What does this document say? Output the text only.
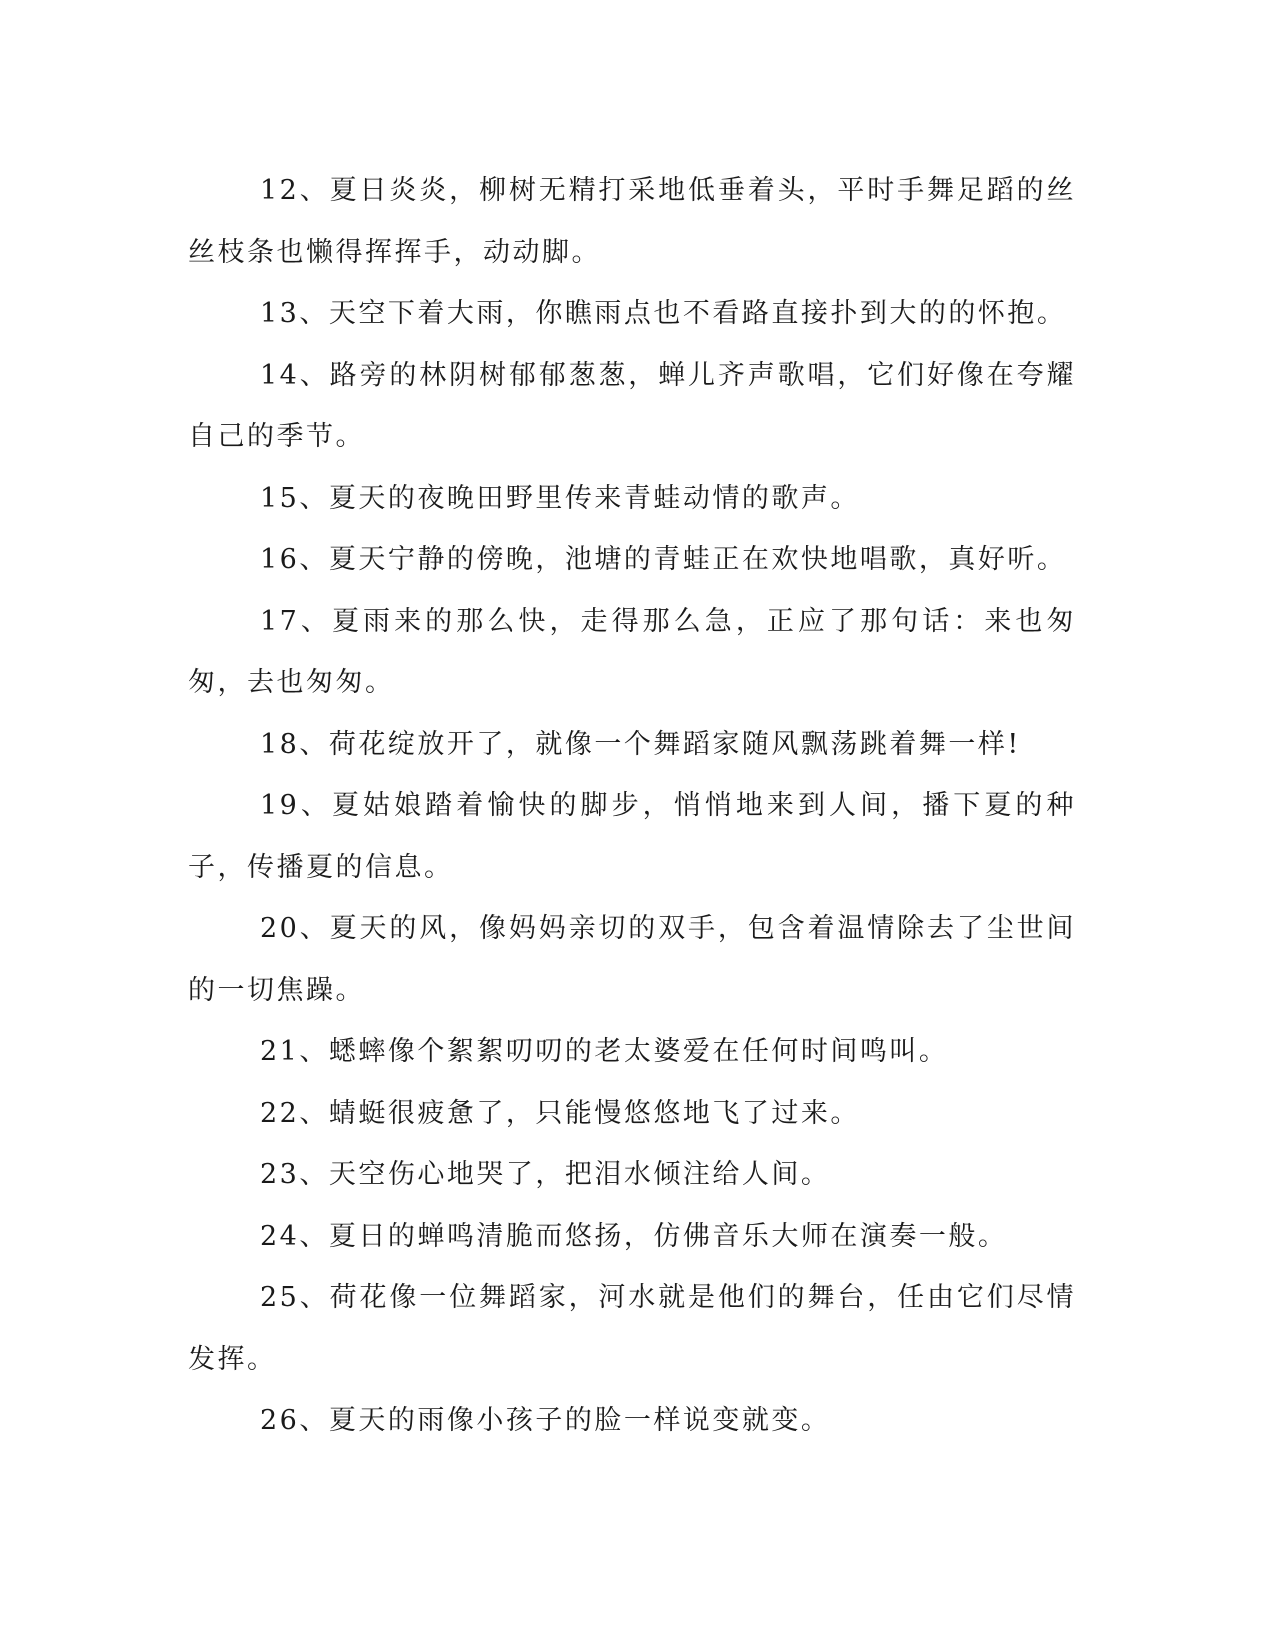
12、夏日炎炎，柳树无精打采地低垂着头，平时手舞足蹈的丝丝枝条也懒得挥挥手，动动脚。

13、天空下着大雨，你瞧雨点也不看路直接扑到大的的怀抱。

14、路旁的林阴树郁郁葱葱，蝉儿齐声歌唱，它们好像在夸耀自己的季节。

15、夏天的夜晚田野里传来青蛙动情的歌声。

16、夏天宁静的傍晚，池塘的青蛙正在欢快地唱歌，真好听。

17、夏雨来的那么快，走得那么急，正应了那句话：来也匆匆，去也匆匆。

18、荷花绽放开了，就像一个舞蹈家随风飘荡跳着舞一样!

19、夏姑娘踏着愉快的脚步，悄悄地来到人间，播下夏的种子，传播夏的信息。

20、夏天的风，像妈妈亲切的双手，包含着温情除去了尘世间的一切焦躁。

21、蟋蟀像个絮絮叨叨的老太婆爱在任何时间鸣叫。

22、蜻蜓很疲惫了，只能慢悠悠地飞了过来。

23、天空伤心地哭了，把泪水倾注给人间。

24、夏日的蝉鸣清脆而悠扬，仿佛音乐大师在演奏一般。

25、荷花像一位舞蹈家，河水就是他们的舞台，任由它们尽情发挥。

26、夏天的雨像小孩子的脸一样说变就变。
